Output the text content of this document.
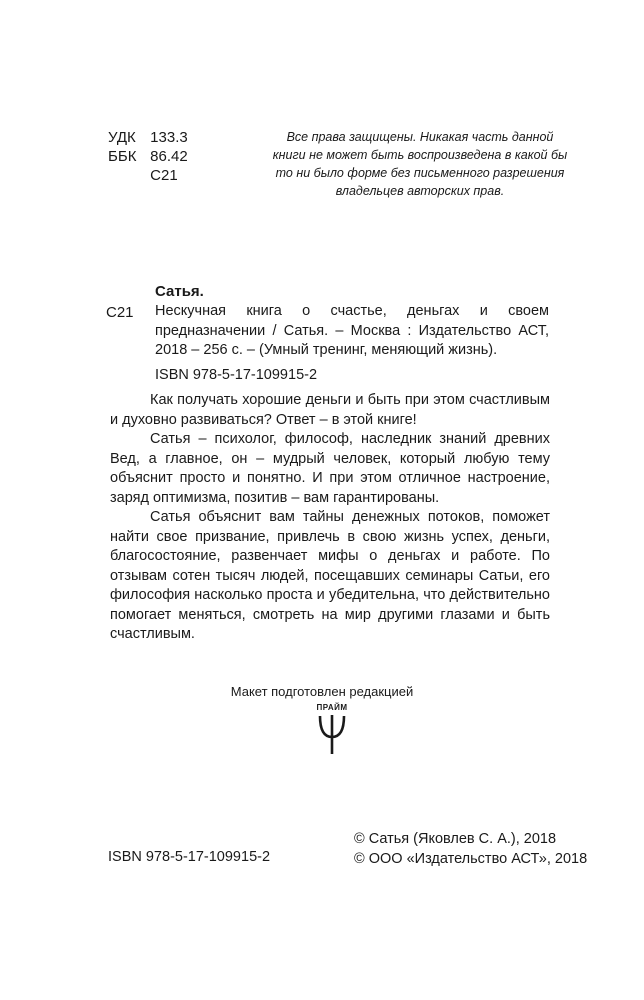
УДК 133.3
ББК 86.42
С21
Все права защищены. Никакая часть данной книги не может быть воспроизведена в какой бы то ни было форме без письменного разрешения владельцев авторских прав.
Сатья.
С21 Нескучная книга о счастье, деньгах и своем предназначении / Сатья. – Москва : Издательство АСТ, 2018 – 256 с. – (Умный тренинг, меняющий жизнь).
ISBN 978-5-17-109915-2

Как получать хорошие деньги и быть при этом счастливым и духовно развиваться? Ответ – в этой книге!

Сатья – психолог, философ, наследник знаний древних Вед, а главное, он – мудрый человек, который любую тему объяснит просто и понятно. И при этом отличное настроение, заряд оптимизма, позитив – вам гарантированы.

Сатья объяснит вам тайны денежных потоков, поможет найти свое призвание, привлечь в свою жизнь успех, деньги, благосостояние, развенчает мифы о деньгах и работе. По отзывам сотен тысяч людей, посещавших семинары Сатьи, его философия насколько проста и убедительна, что действительно помогает меняться, смотреть на мир другими глазами и быть счастливым.

Макет подготовлен редакцией
ПРАЙМ
© Сатья (Яковлев С. А.), 2018
© ООО «Издательство АСТ», 2018
ISBN 978-5-17-109915-2
